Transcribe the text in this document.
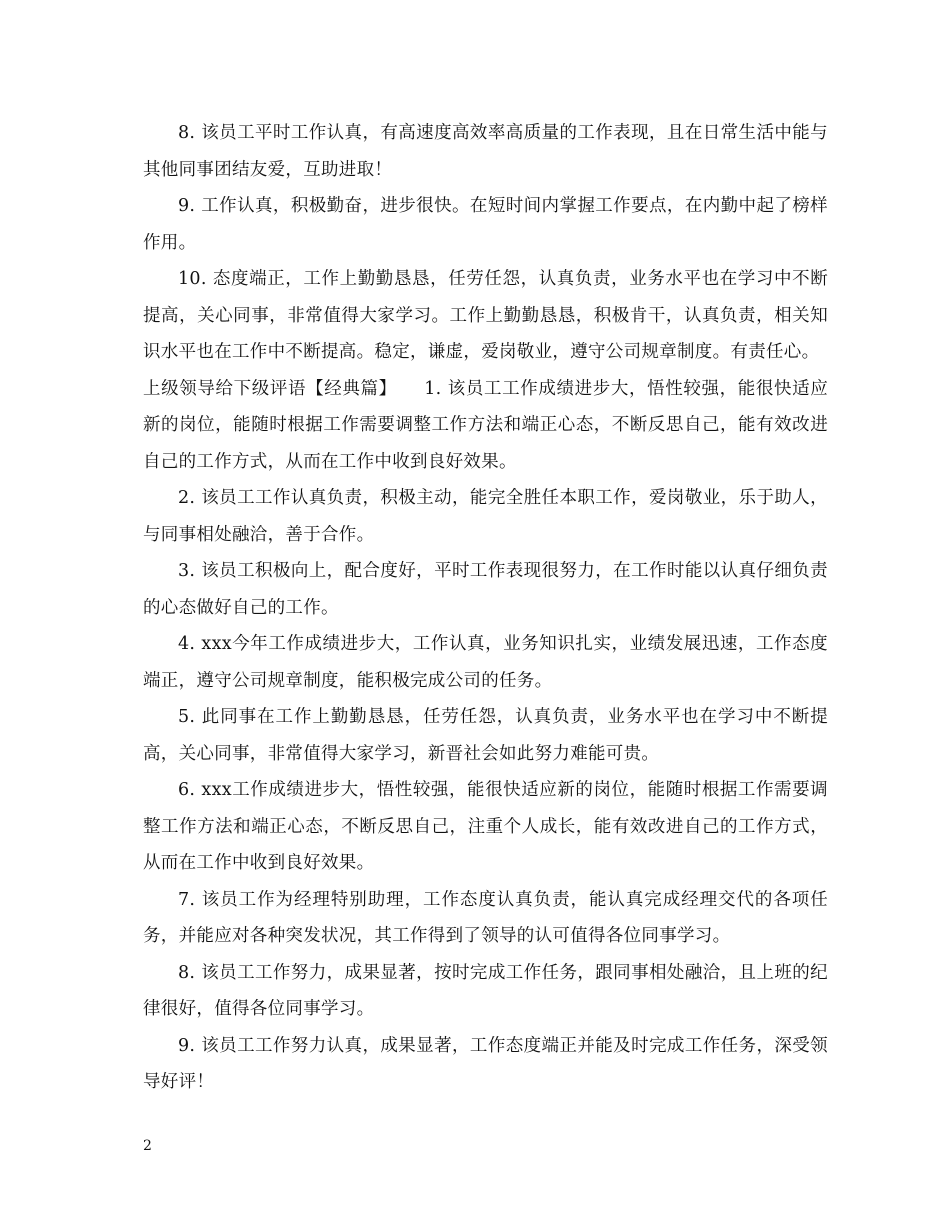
8. 该员工平时工作认真，有高速度高效率高质量的工作表现，且在日常生活中能与其他同事团结友爱，互助进取！

9. 工作认真，积极勤奋，进步很快。在短时间内掌握工作要点，在内勤中起了榜样作用。

10. 态度端正，工作上勤勤恳恳，任劳任怨，认真负责，业务水平也在学习中不断提高，关心同事，非常值得大家学习。工作上勤勤恳恳，积极肯干，认真负责，相关知识水平也在工作中不断提高。稳定，谦虚，爱岗敬业，遵守公司规章制度。有责任心。

上级领导给下级评语【经典篇】　　1. 该员工工作成绩进步大，悟性较强，能很快适应新的岗位，能随时根据工作需要调整工作方法和端正心态，不断反思自己，能有效改进自己的工作方式，从而在工作中收到良好效果。

2. 该员工工作认真负责，积极主动，能完全胜任本职工作，爱岗敬业，乐于助人，与同事相处融洽，善于合作。

3. 该员工积极向上，配合度好，平时工作表现很努力，在工作时能以认真仔细负责的心态做好自己的工作。

4. xxx今年工作成绩进步大，工作认真，业务知识扎实，业绩发展迅速，工作态度端正，遵守公司规章制度，能积极完成公司的任务。

5. 此同事在工作上勤勤恳恳，任劳任怨，认真负责，业务水平也在学习中不断提高，关心同事，非常值得大家学习，新晋社会如此努力难能可贵。

6. xxx工作成绩进步大，悟性较强，能很快适应新的岗位，能随时根据工作需要调整工作方法和端正心态，不断反思自己，注重个人成长，能有效改进自己的工作方式，从而在工作中收到良好效果。

7. 该员工作为经理特别助理，工作态度认真负责，能认真完成经理交代的各项任务，并能应对各种突发状况，其工作得到了领导的认可值得各位同事学习。

8. 该员工工作努力，成果显著，按时完成工作任务，跟同事相处融洽，且上班的纪律很好，值得各位同事学习。

9. 该员工工作努力认真，成果显著，工作态度端正并能及时完成工作任务，深受领导好评！

2
